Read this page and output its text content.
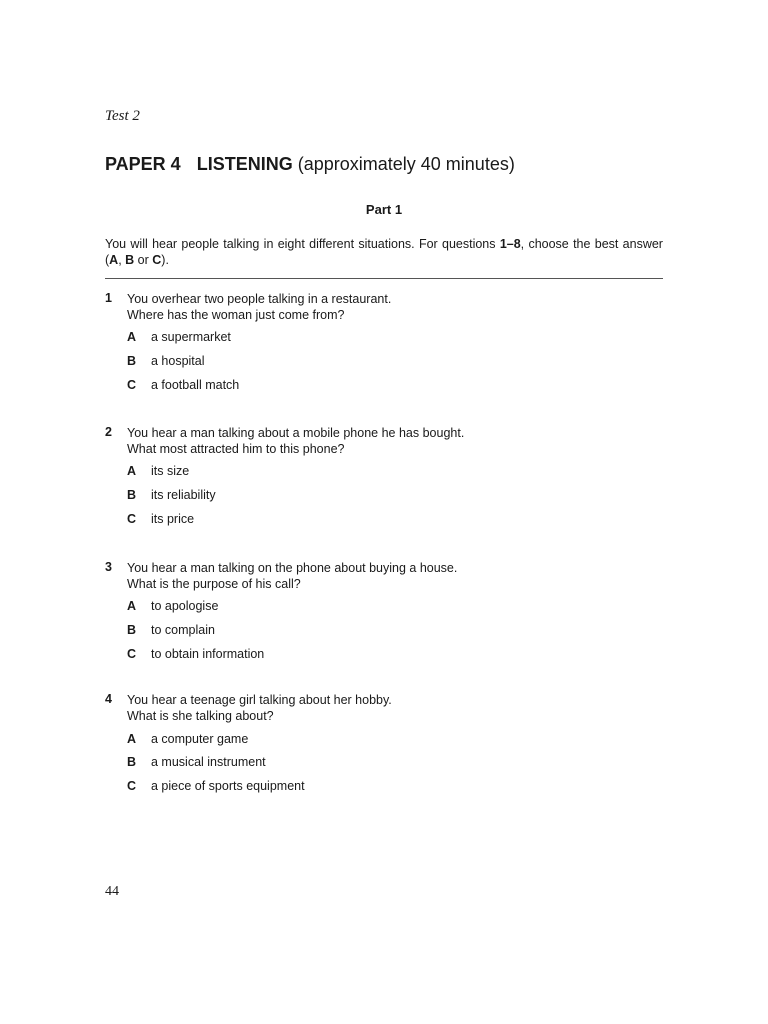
Test 2
PAPER 4 LISTENING (approximately 40 minutes)
Part 1
You will hear people talking in eight different situations. For questions 1–8, choose the best answer (A, B or C).
1 You overhear two people talking in a restaurant.
Where has the woman just come from?
A a supermarket
B a hospital
C a football match
2 You hear a man talking about a mobile phone he has bought.
What most attracted him to this phone?
A its size
B its reliability
C its price
3 You hear a man talking on the phone about buying a house.
What is the purpose of his call?
A to apologise
B to complain
C to obtain information
4 You hear a teenage girl talking about her hobby.
What is she talking about?
A a computer game
B a musical instrument
C a piece of sports equipment
44
